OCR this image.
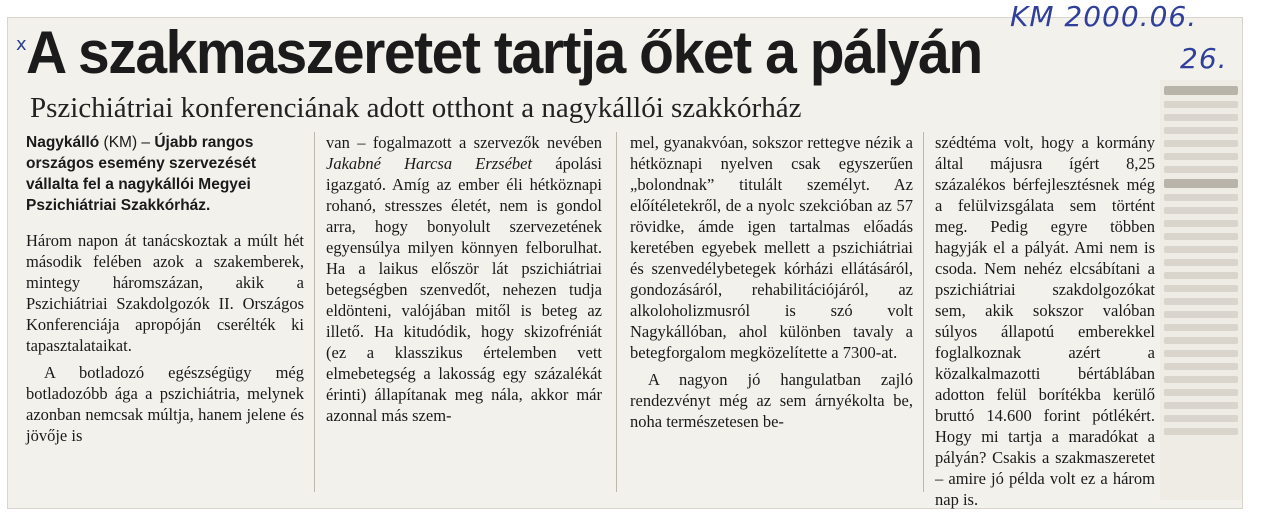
KM 2000.06.
26.
x A szakmaszeretet tartja őket a pályán
Pszichiátriai konferenciának adott otthont a nagykállói szakkórház

Nagykálló (KM) – Újabb rangos országos esemény szervezését vállalta fel a nagykállói Megyei Pszichiátriai Szakkórház.

Három napon át tanácskoztak a múlt hét második felében azok a szakemberek, mintegy háromszázan, akik a Pszichiátriai Szakdolgozók II. Országos Konferenciája apropóján cserélték ki tapasztalataikat.

A botladozó egészségügy még botladozóbb ága a pszichiátria, melynek azonban nemcsak múltja, hanem jelene és jövője is

van – fogalmazott a szervezők nevében Jakabné Harcsa Erzsébet ápolási igazgató. Amíg az ember éli hétköznapi rohanó, stresszes életét, nem is gondol arra, hogy bonyolult szervezetének egyensúlya milyen könnyen felborulhat. Ha a laikus először lát pszichiátriai betegségben szenvedőt, nehezen tudja eldönteni, valójában mitől is beteg az illető. Ha kitudódik, hogy skizofréniát (ez a klasszikus értelemben vett elmebetegség a lakosság egy százalékát érinti) állapítanak meg nála, akkor már azonnal más szem-

mel, gyanakvóan, sokszor rettegve nézik a hétköznapi nyelven csak egyszerűen „bolondnak” titulált személyt. Az előítéletekről, de a nyolc szekcióban az 57 rövidke, ámde igen tartalmas előadás keretében egyebek mellett a pszichiátriai és szenvedélybetegek kórházi ellátásáról, gondozásáról, rehabilitációjáról, az alkoloholizmusról is szó volt Nagykállóban, ahol különben tavaly a betegforgalom megközelítette a 7300-at.

A nagyon jó hangulatban zajló rendezvényt még az sem árnyékolta be, noha természetesen be-

szédtéma volt, hogy a kormány által májusra ígért 8,25 százalékos bérfejlesztésnek még a felülvizsgálata sem történt meg. Pedig egyre többen hagyják el a pályát. Ami nem is csoda. Nem nehéz elcsábítani a pszichiátriai szakdolgozókat sem, akik sokszor valóban súlyos állapotú emberekkel foglalkoznak azért a közalkalmazotti bértáblában adotton felül borítékba kerülő bruttó 14.600 forint pótlékért. Hogy mi tartja a maradókat a pályán? Csakis a szakmaszeretet – amire jó példa volt ez a három nap is.
